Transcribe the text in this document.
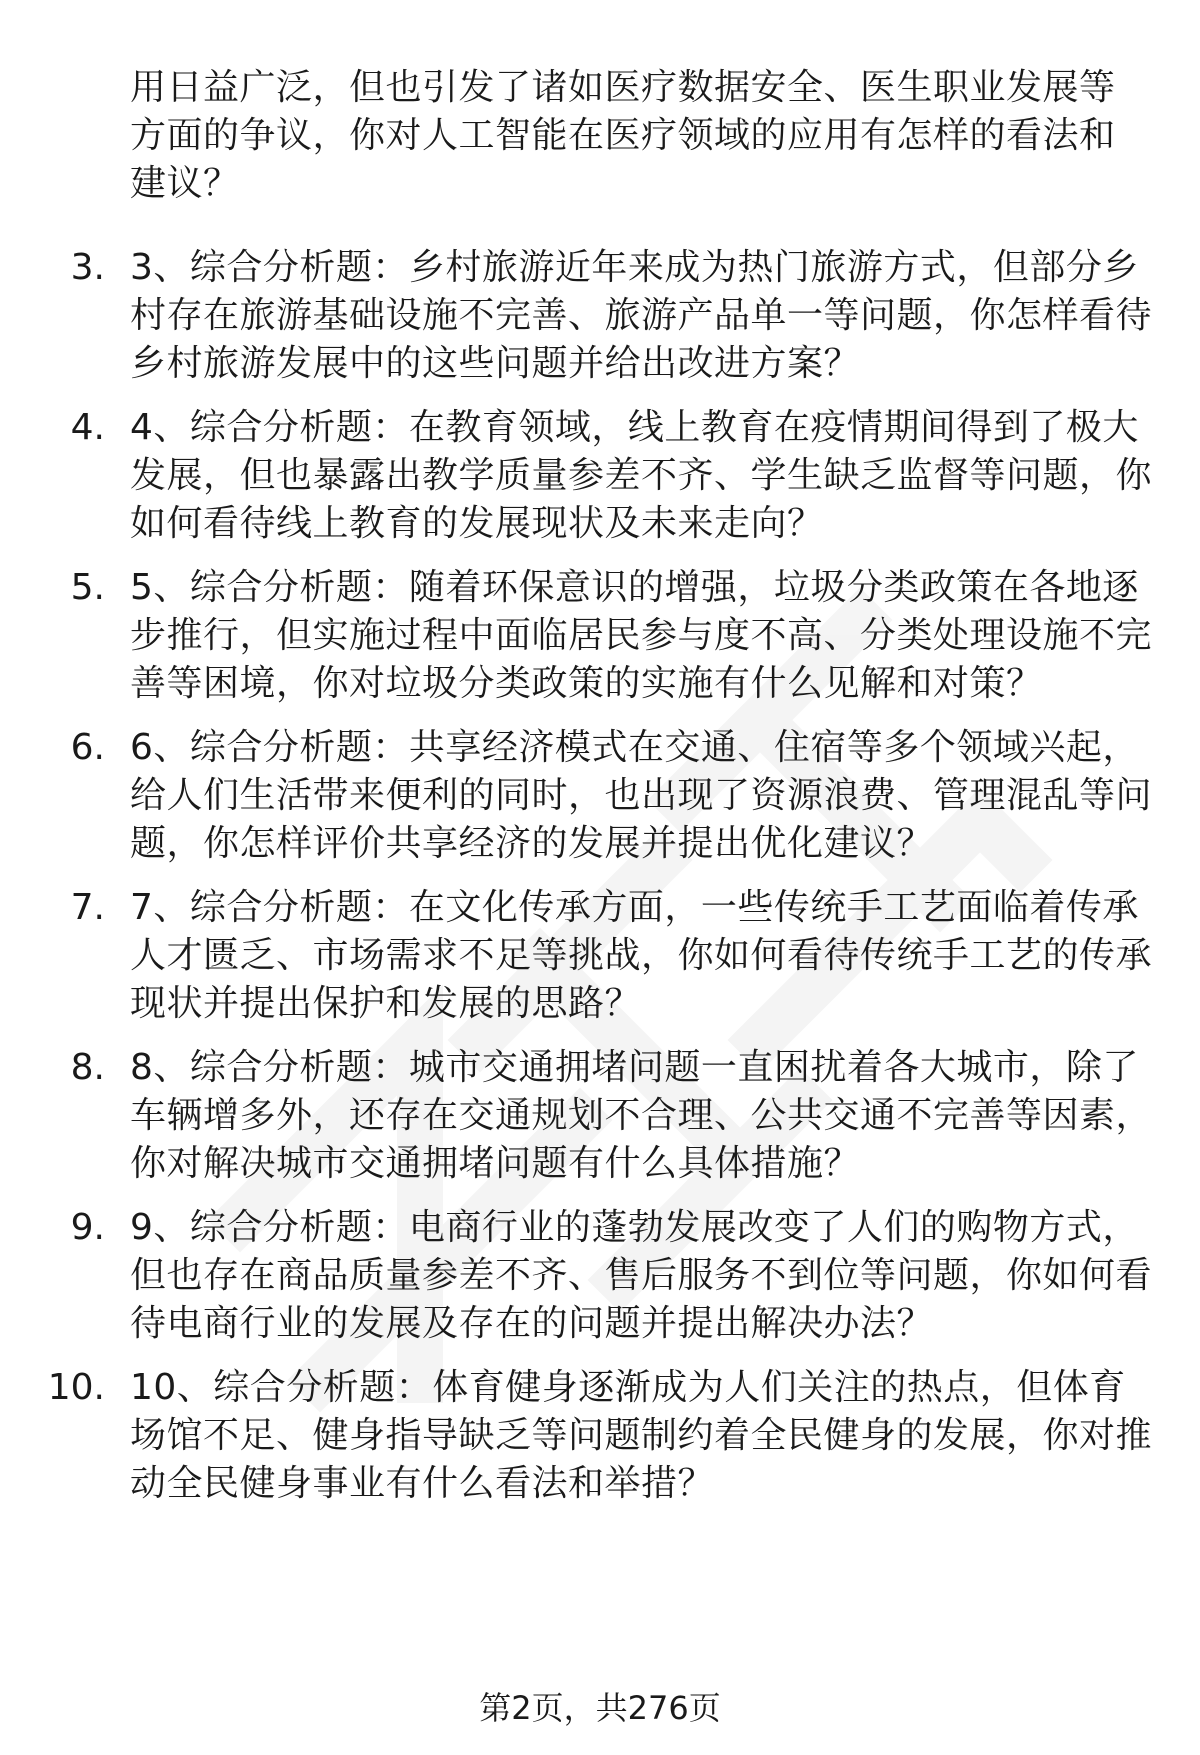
用日益广泛，但也引发了诸如医疗数据安全、医生职业发展等方面的争议，你对人工智能在医疗领域的应用有怎样的看法和建议？
3. 3、综合分析题：乡村旅游近年来成为热门旅游方式，但部分乡村存在旅游基础设施不完善、旅游产品单一等问题，你怎样看待乡村旅游发展中的这些问题并给出改进方案？
4. 4、综合分析题：在教育领域，线上教育在疫情期间得到了极大发展，但也暴露出教学质量参差不齐、学生缺乏监督等问题，你如何看待线上教育的发展现状及未来走向？
5. 5、综合分析题：随着环保意识的增强，垃圾分类政策在各地逐步推行，但实施过程中面临居民参与度不高、分类处理设施不完善等困境，你对垃圾分类政策的实施有什么见解和对策？
6. 6、综合分析题：共享经济模式在交通、住宿等多个领域兴起，给人们生活带来便利的同时，也出现了资源浪费、管理混乱等问题，你怎样评价共享经济的发展并提出优化建议？
7. 7、综合分析题：在文化传承方面，一些传统手工艺面临着传承人才匮乏、市场需求不足等挑战，你如何看待传统手工艺的传承现状并提出保护和发展的思路？
8. 8、综合分析题：城市交通拥堵问题一直困扰着各大城市，除了车辆增多外，还存在交通规划不合理、公共交通不完善等因素，你对解决城市交通拥堵问题有什么具体措施？
9. 9、综合分析题：电商行业的蓬勃发展改变了人们的购物方式，但也存在商品质量参差不齐、售后服务不到位等问题，你如何看待电商行业的发展及存在的问题并提出解决办法？
10. 10、综合分析题：体育健身逐渐成为人们关注的热点，但体育场馆不足、健身指导缺乏等问题制约着全民健身的发展，你对推动全民健身事业有什么看法和举措？
第2页，共276页
